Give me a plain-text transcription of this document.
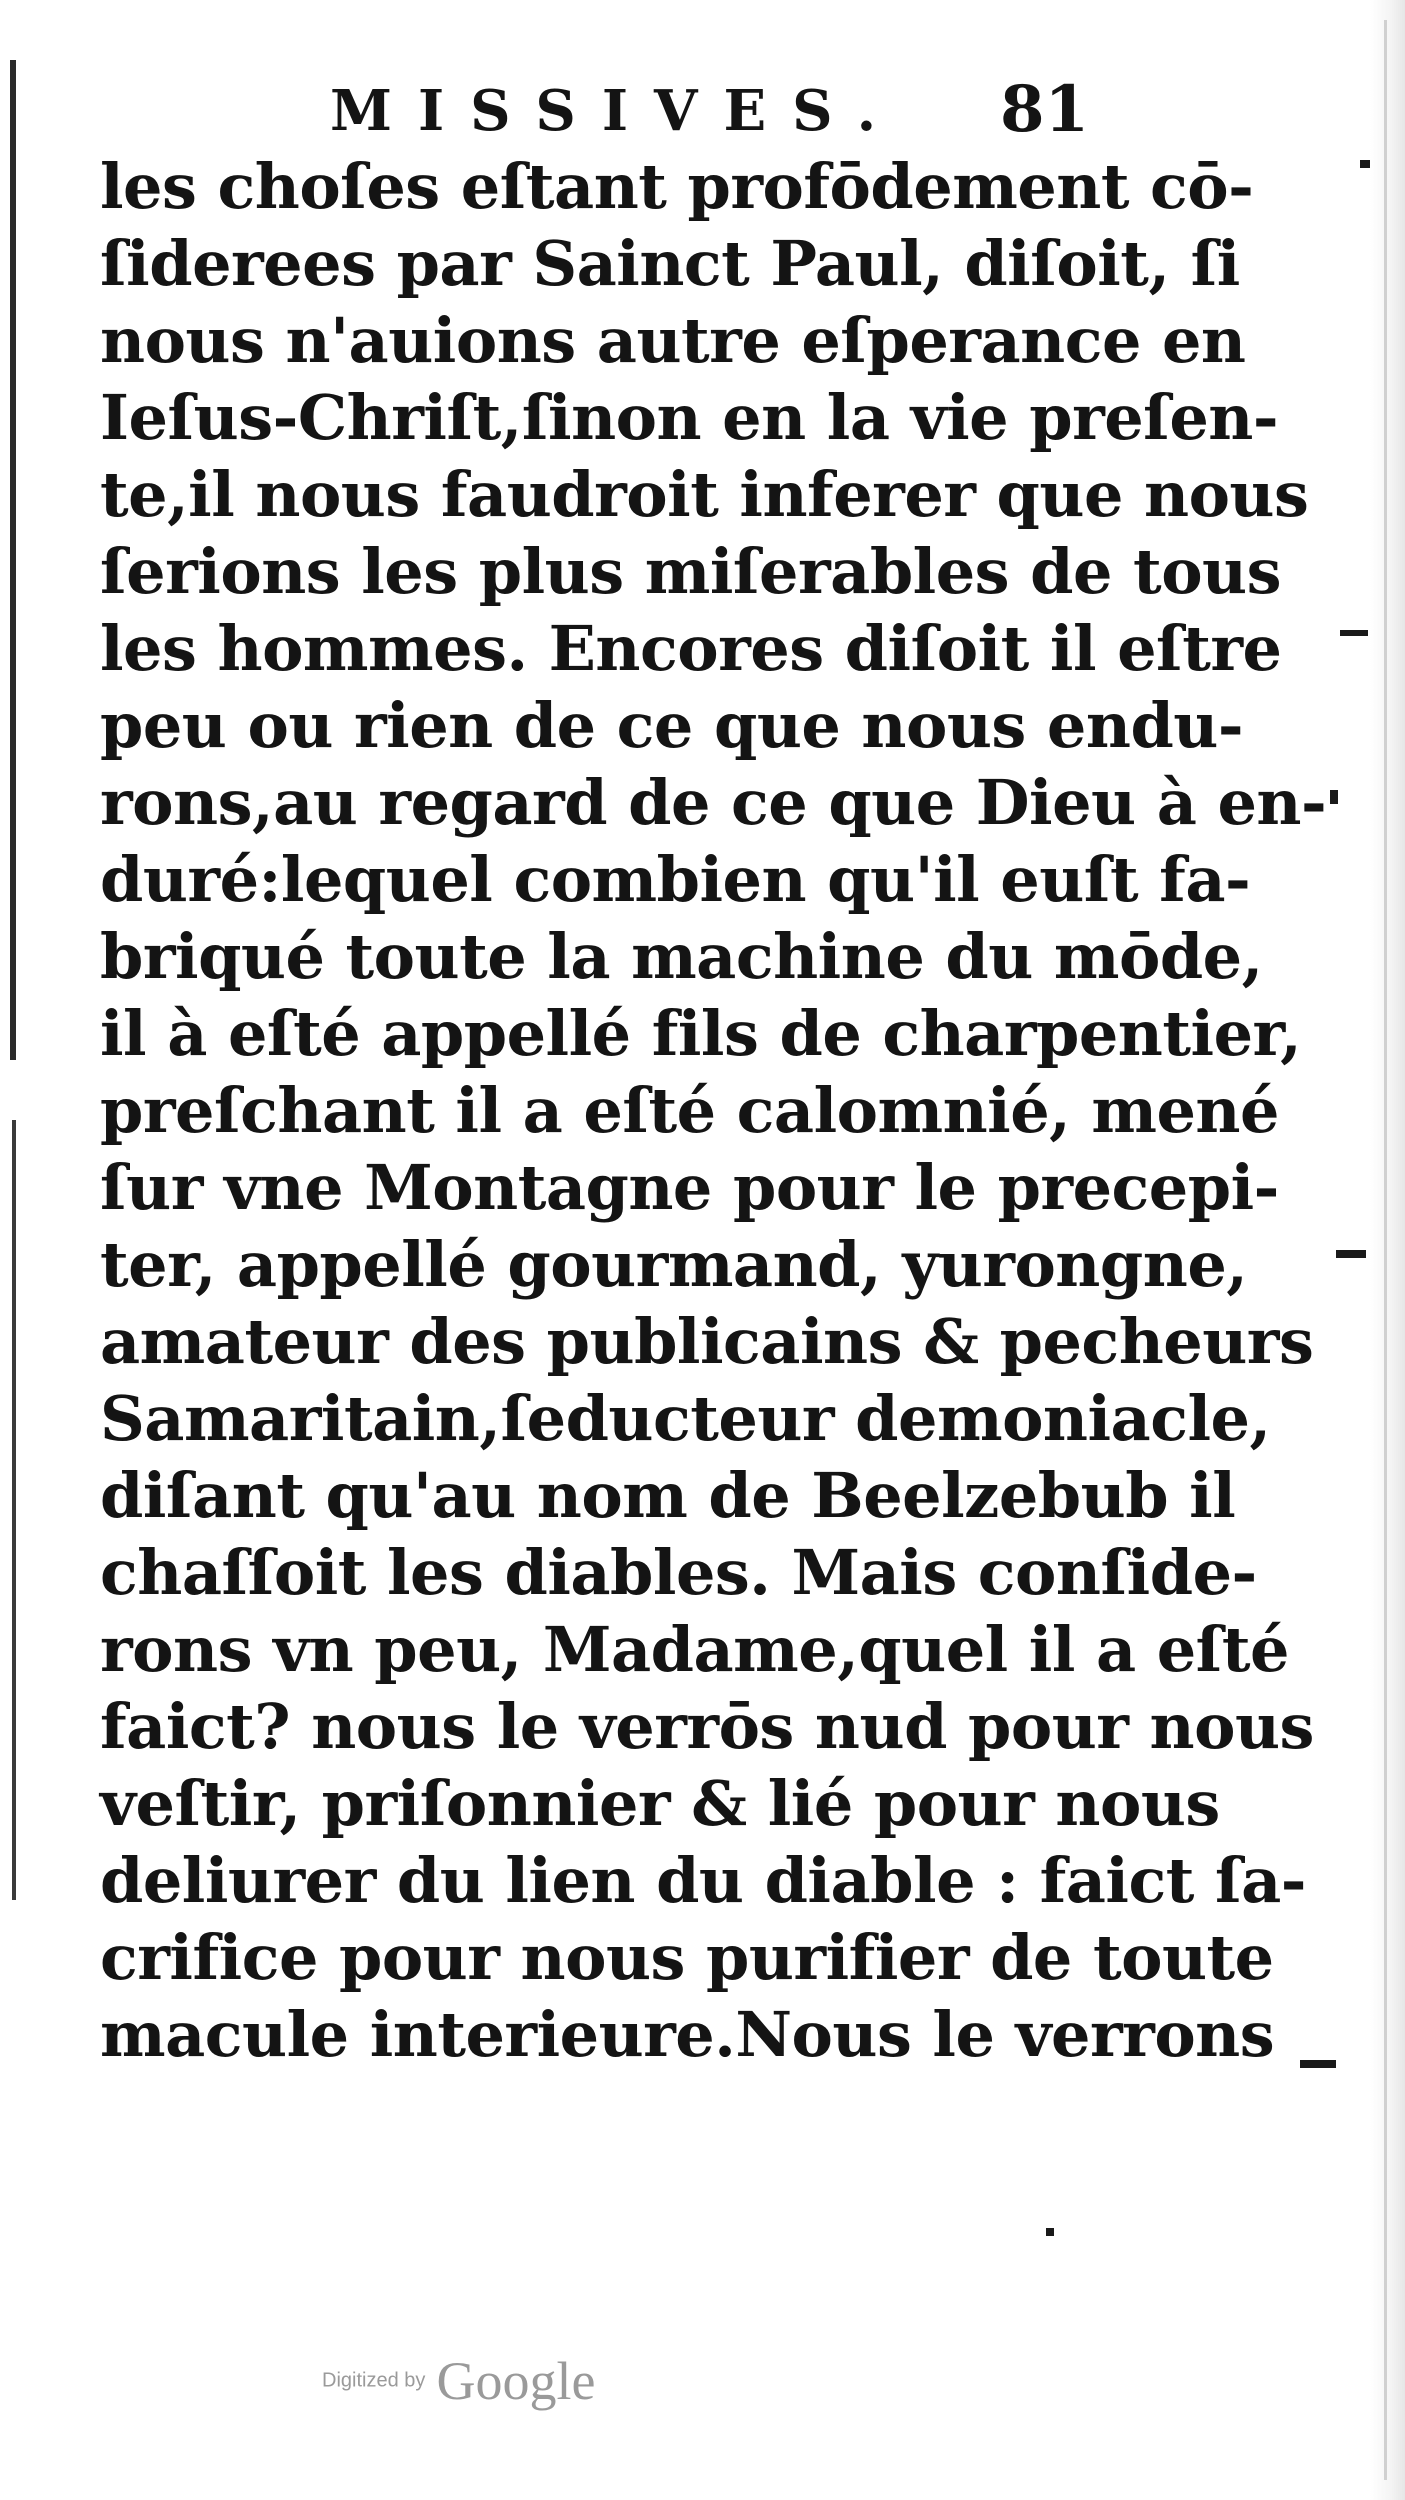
MISSIVES. 81
les choſes eſtant profōdement cō-
ſiderees par Sainct Paul, diſoit, ſi
nous n'auions autre eſperance en
Ieſus-Chriſt,ſinon en la vie preſen-
te,il nous faudroit inferer que nous
ſerions les plus miſerables de tous
les hommes. Encores diſoit il eſtre
peu ou rien de ce que nous endu-
rons,au regard de ce que Dieu à en-
duré:lequel combien qu'il euſt fa-
briqué toute la machine du mōde,
il à eſté appellé fils de charpentier,
preſchant il a eſté calomnié, mené
ſur vne Montagne pour le precepi-
ter, appellé gourmand, yurongne,
amateur des publicains & pecheurs
Samaritain,ſeducteur demoniacle,
diſant qu'au nom de Beelzebub il
chaſſoit les diables. Mais conſide-
rons vn peu, Madame,quel il a eſté
faict? nous le verrōs nud pour nous
veſtir, priſonnier & lié pour nous
deliurer du lien du diable : faict ſa-
crifice pour nous purifier de toute
macule interieure.Nous le verrons
Digitized by Google
